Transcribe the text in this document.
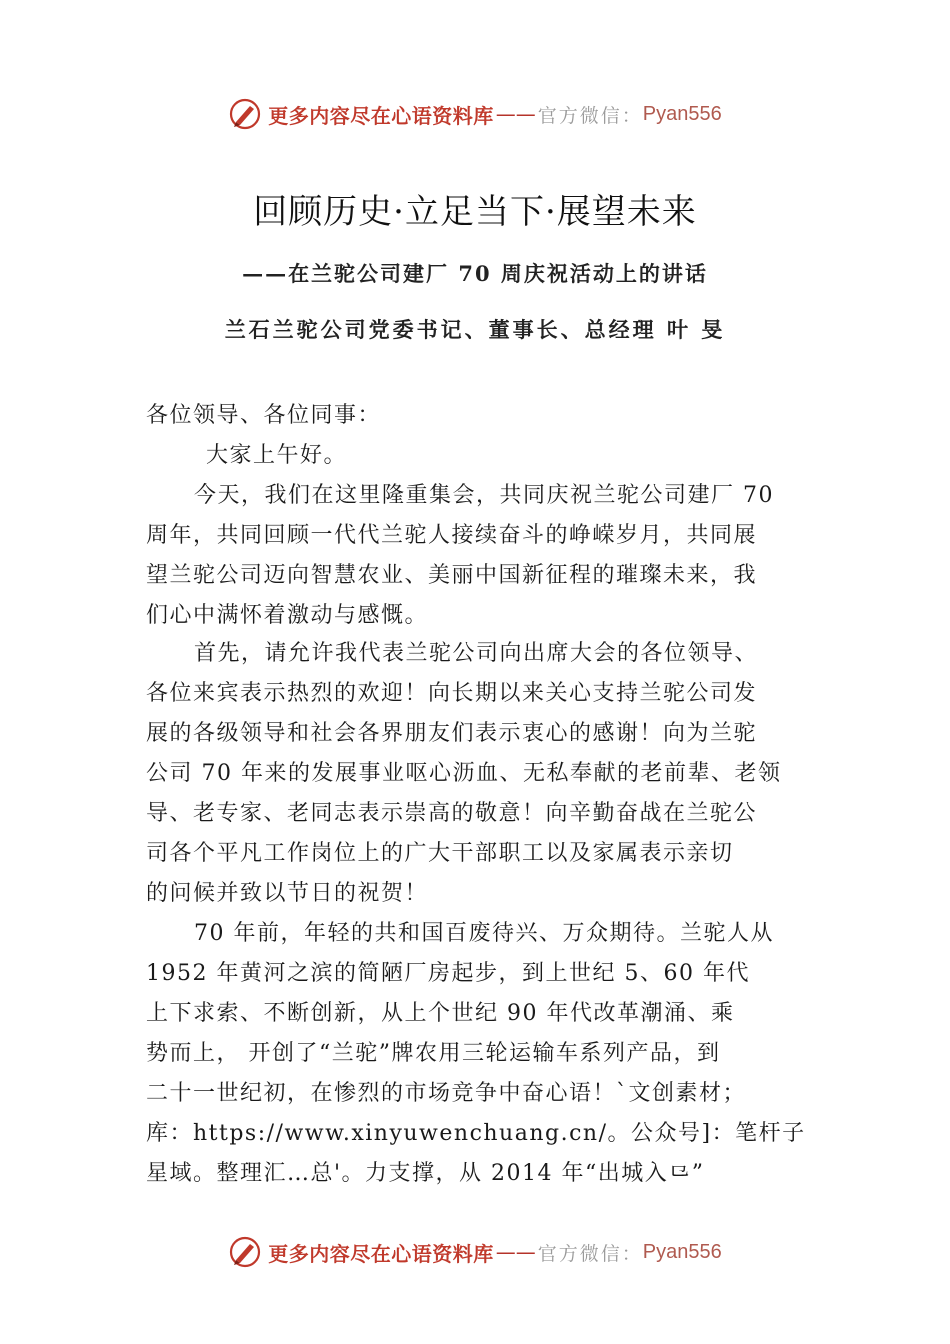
更多内容尽在心语资料库 —— 官方微信： Pyan556
回顾历史·立足当下·展望未来
——在兰驼公司建厂 70 周庆祝活动上的讲话
兰石兰驼公司党委书记、董事长、总经理 叶 旻
各位领导、各位同事：
大家上午好。

今天，我们在这里隆重集会，共同庆祝兰驼公司建厂 70

周年，共同回顾一代代兰驼人接续奋斗的峥嵘岁月，共同展

望兰驼公司迈向智慧农业、美丽中国新征程的璀璨未来，我

们心中满怀着激动与感慨。

首先，请允许我代表兰驼公司向出席大会的各位领导、

各位来宾表示热烈的欢迎！向长期以来关心支持兰驼公司发

展的各级领导和社会各界朋友们表示衷心的感谢！向为兰驼

公司 70 年来的发展事业呕心沥血、无私奉献的老前辈、老领

导、老专家、老同志表示崇高的敬意！向辛勤奋战在兰驼公

司各个平凡工作岗位上的广大干部职工以及家属表示亲切

的问候并致以节日的祝贺！

70 年前，年轻的共和国百废待兴、万众期待。兰驼人从

1952 年黄河之滨的简陋厂房起步，到上世纪 5、60 年代

上下求索、不断创新，从上个世纪 90 年代改革潮涌、乘

势而上， 开创了“兰驼”牌农用三轮运输车系列产品，到

二十一世纪初，在惨烈的市场竞争中奋心语！`文创素材；

库：https://www.xinyuwenchuang.cn/。公众号]：笔杆子

星域。整理汇…总'。力支撑，从 2014 年“出城入⺋”

更多内容尽在心语资料库 —— 官方微信： Pyan556
